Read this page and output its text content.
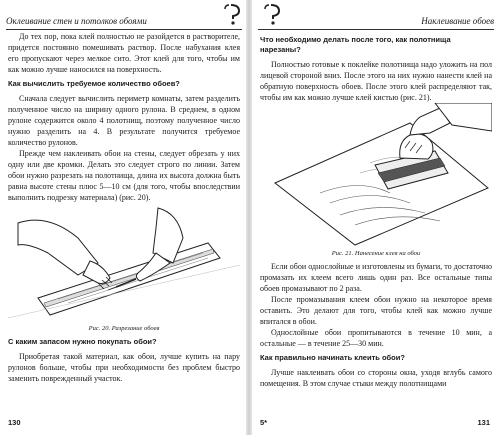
Оклеивание стен и потолков обоями

До тех пор, пока клей полностью не разойдется в растворителе, придется постоянно помешивать раствор. После набухания клея его пропускают через мелкое сито. Этот клей для того, чтобы им как можно лучше наносился на поверхность.

Как вычислить требуемое количество обоев?

Сначала следует вычислить периметр комнаты, затем разделить полученное число на ширину одного рулона. В среднем, в одном рулоне содержится около 4 полотнищ, поэтому полученное число нужно разделить на 4. В результате получится требуемое количество рулонов.

Прежде чем наклеивать обои на стены, следует обрезать у них одну или две кромки. Делать это следует строго по линии. Затем обои нужно разрезать на полотнища, длина их высота должна быть равна высоте стены плюс 5—10 см (для того, чтобы впоследствии выполнить подрезку материала) (рис. 20).

Рис. 20. Разрезание обоев

С каким запасом нужно покупать обои?

Приобретая такой материал, как обои, лучше купить на пару рулонов больше, чтобы при необходимости без проблем быстро заменить поврежденный участок.

130
Наклеивание обоев

Что необходимо делать после того, как полотнища нарезаны?

Полностью готовые к поклейке полотнища надо уложить на пол лицевой стороной вниз. После этого на них нужно нанести клей на обратную поверхность обоев. После этого клей распределяют так, чтобы им как можно лучше клей кистью (рис. 21).

Рис. 21. Нанесение клея на обои

Если обои однослойные и изготовлены из бумаги, то достаточно промазать их клеем всего лишь один раз. Все остальные типы обоев промазывают по 2 раза.

После промазывания клеем обои нужно на некоторое время оставить. Это делают для того, чтобы клей как можно лучше впитался в обои.

Однослойные обои пропитываются в течение 10 мин, а остальные — в течение 25—30 мин.

Как правильно начинать клеить обои?

Лучше наклеивать обои со стороны окна, уходя вглубь самого помещения. В этом случае стыки между полотнищами

5*	131
